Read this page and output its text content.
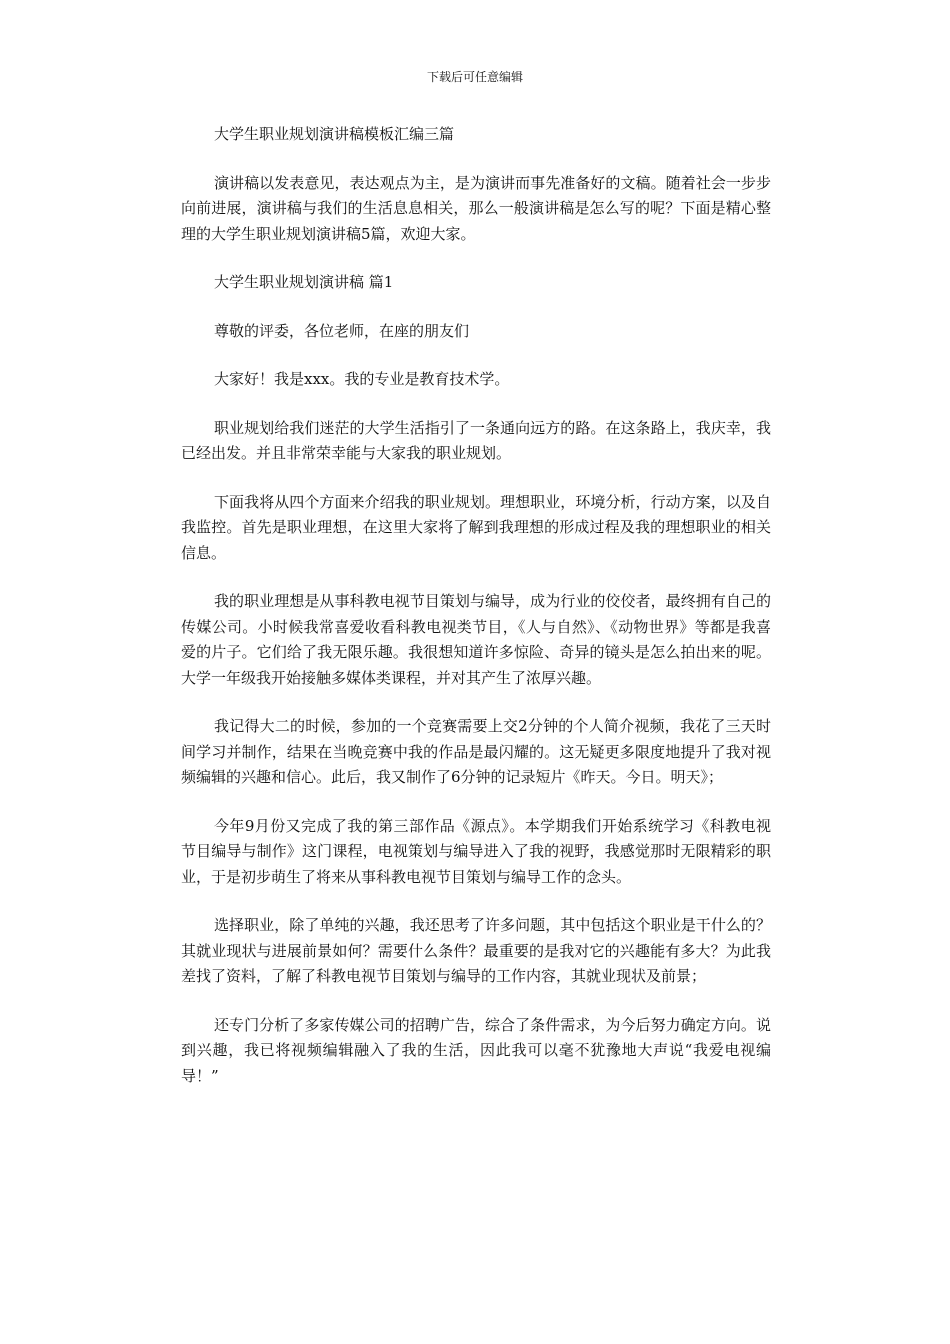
下载后可任意编辑

大学生职业规划演讲稿模板汇编三篇

演讲稿以发表意见，表达观点为主，是为演讲而事先准备好的文稿。随着社会一步步向前进展，演讲稿与我们的生活息息相关，那么一般演讲稿是怎么写的呢？下面是精心整理的大学生职业规划演讲稿5篇，欢迎大家。

大学生职业规划演讲稿 篇1

尊敬的评委，各位老师，在座的朋友们

大家好！我是xxx。我的专业是教育技术学。

职业规划给我们迷茫的大学生活指引了一条通向远方的路。在这条路上，我庆幸，我已经出发。并且非常荣幸能与大家我的职业规划。

下面我将从四个方面来介绍我的职业规划。理想职业，环境分析，行动方案，以及自我监控。首先是职业理想，在这里大家将了解到我理想的形成过程及我的理想职业的相关信息。

我的职业理想是从事科教电视节目策划与编导，成为行业的佼佼者，最终拥有自己的传媒公司。小时候我常喜爱收看科教电视类节目，《人与自然》、《动物世界》等都是我喜爱的片子。它们给了我无限乐趣。我很想知道许多惊险、奇异的镜头是怎么拍出来的呢。大学一年级我开始接触多媒体类课程，并对其产生了浓厚兴趣。

我记得大二的时候，参加的一个竞赛需要上交2分钟的个人简介视频，我花了三天时间学习并制作，结果在当晚竞赛中我的作品是最闪耀的。这无疑更多限度地提升了我对视频编辑的兴趣和信心。此后，我又制作了6分钟的记录短片《昨天。今日。明天》；

今年9月份又完成了我的第三部作品《源点》。本学期我们开始系统学习《科教电视节目编导与制作》这门课程，电视策划与编导进入了我的视野，我感觉那时无限精彩的职业，于是初步萌生了将来从事科教电视节目策划与编导工作的念头。

选择职业，除了单纯的兴趣，我还思考了许多问题，其中包括这个职业是干什么的？其就业现状与进展前景如何？需要什么条件？最重要的是我对它的兴趣能有多大？为此我差找了资料，了解了科教电视节目策划与编导的工作内容，其就业现状及前景；

还专门分析了多家传媒公司的招聘广告，综合了条件需求，为今后努力确定方向。说到兴趣，我已将视频编辑融入了我的生活，因此我可以毫不犹豫地大声说“我爱电视编导！”
